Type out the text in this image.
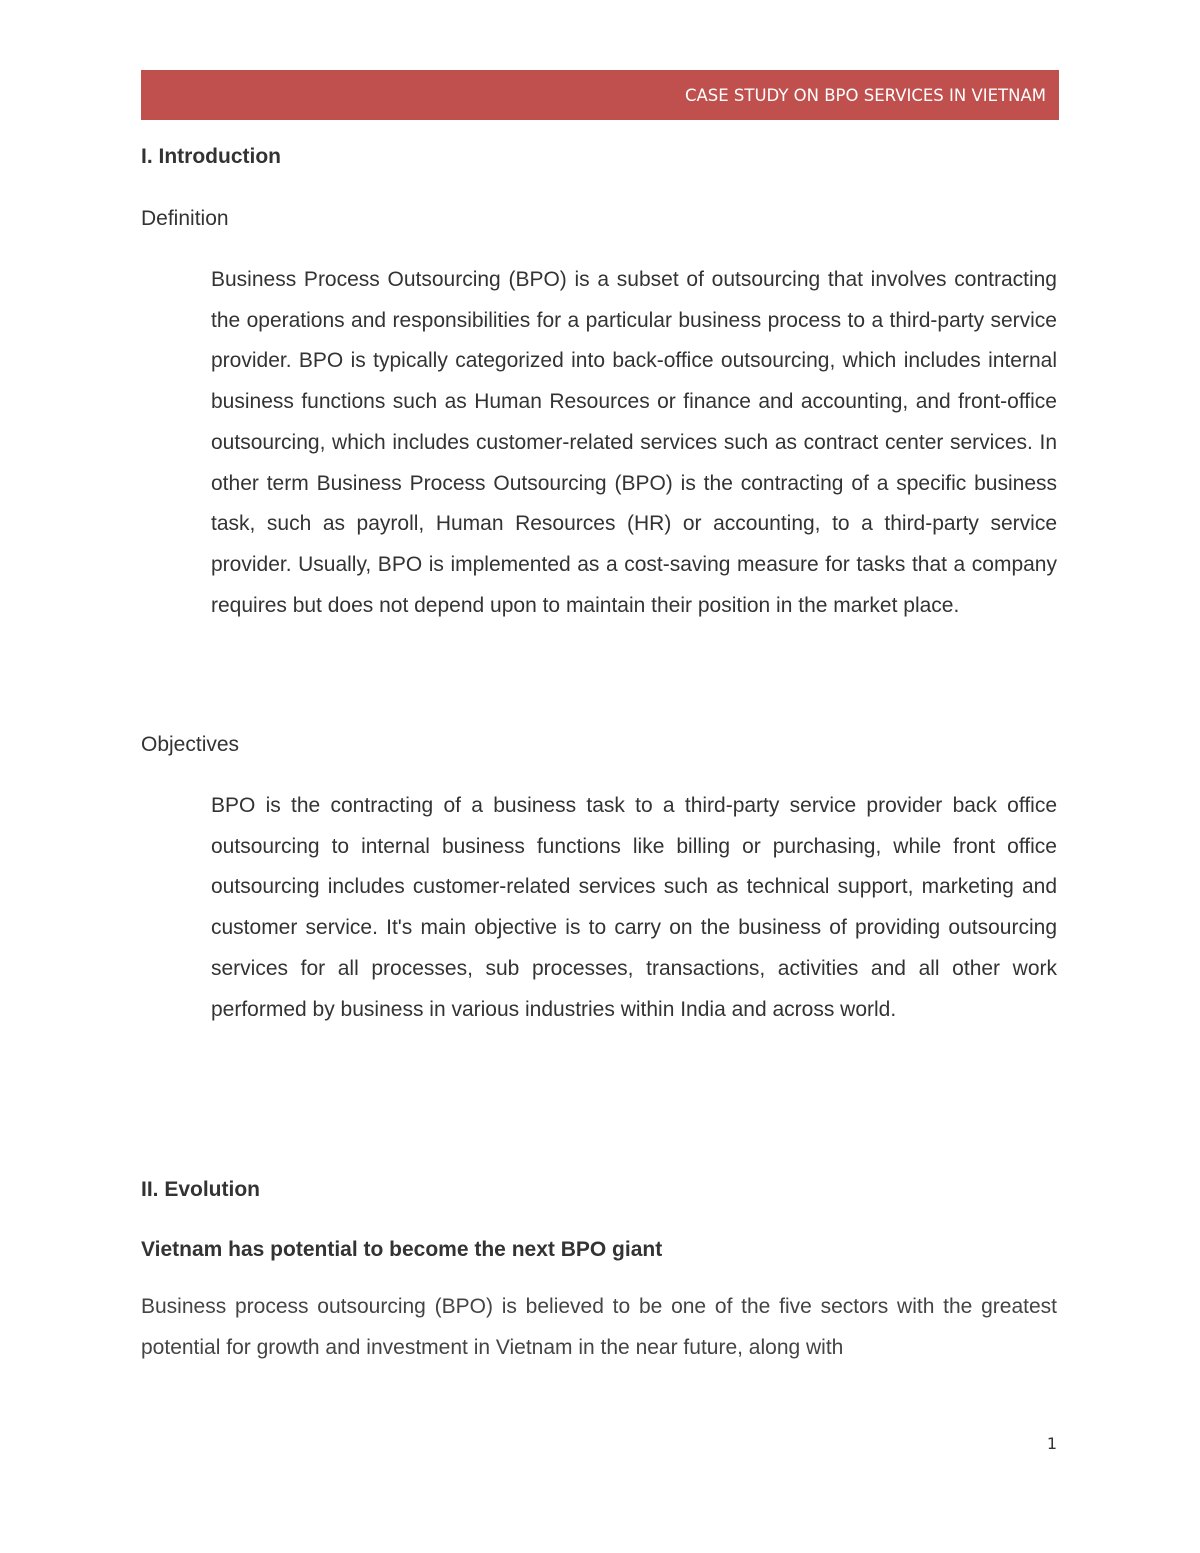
CASE STUDY ON BPO SERVICES IN VIETNAM
I. Introduction

Definition

Business Process Outsourcing (BPO) is a subset of outsourcing that involves contracting the operations and responsibilities for a particular business process to a third-party service provider. BPO is typically categorized into back-office outsourcing, which includes internal business functions such as Human Resources or finance and accounting, and front-office outsourcing, which includes customer-related services such as contract center services. In other term Business Process Outsourcing (BPO) is the contracting of a specific business task, such as payroll, Human Resources (HR) or accounting, to a third-party service provider. Usually, BPO is implemented as a cost-saving measure for tasks that a company requires but does not depend upon to maintain their position in the market place.

Objectives

BPO is the contracting of a business task to a third-party service provider back office outsourcing to internal business functions like billing or purchasing, while front office outsourcing includes customer-related services such as technical support, marketing and customer service. It's main objective is to carry on the business of providing outsourcing services for all processes, sub processes, transactions, activities and all other work performed by business in various industries within India and across world.

II. Evolution
Vietnam has potential to become the next BPO giant

Business process outsourcing (BPO) is believed to be one of the five sectors with the greatest potential for growth and investment in Vietnam in the near future, along with

1
